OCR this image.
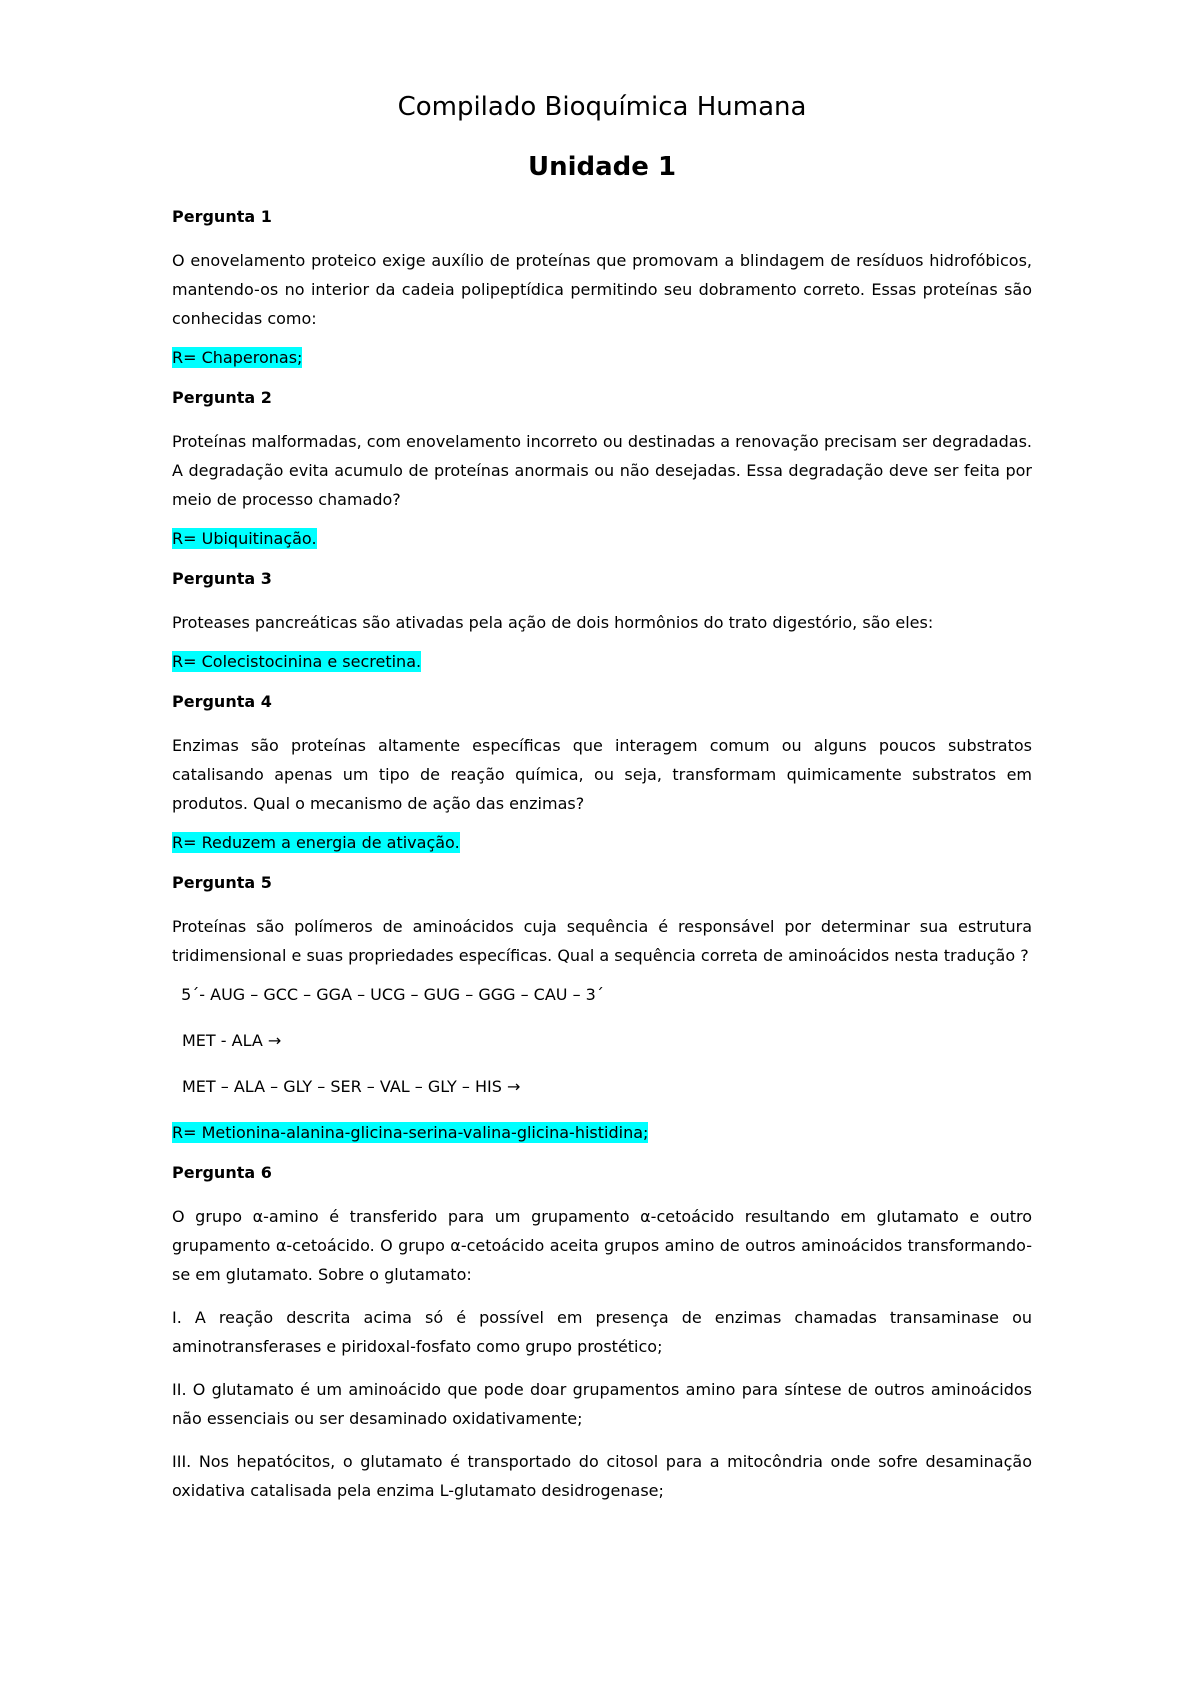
Compilado Bioquímica Humana
Unidade 1

Pergunta 1

O enovelamento proteico exige auxílio de proteínas que promovam a blindagem de resíduos hidrofóbicos, mantendo-os no interior da cadeia polipeptídica permitindo seu dobramento correto. Essas proteínas são conhecidas como:

R= Chaperonas;

Pergunta 2

Proteínas malformadas, com enovelamento incorreto ou destinadas a renovação precisam ser degradadas. A degradação evita acumulo de proteínas anormais ou não desejadas. Essa degradação deve ser feita por meio de processo chamado?

R= Ubiquitinação.

Pergunta 3

Proteases pancreáticas são ativadas pela ação de dois hormônios do trato digestório, são eles:

R= Colecistocinina e secretina.

Pergunta 4

Enzimas são proteínas altamente específicas que interagem comum ou alguns poucos substratos catalisando apenas um tipo de reação química, ou seja, transformam quimicamente substratos em produtos. Qual o mecanismo de ação das enzimas?

R= Reduzem a energia de ativação.

Pergunta 5

Proteínas são polímeros de aminoácidos cuja sequência é responsável por determinar sua estrutura tridimensional e suas propriedades específicas. Qual a sequência correta de aminoácidos nesta tradução ?

5´- AUG – GCC – GGA – UCG – GUG – GGG – CAU – 3´

MET - ALA →

MET – ALA – GLY – SER – VAL – GLY – HIS →

R= Metionina-alanina-glicina-serina-valina-glicina-histidina;

Pergunta 6

O grupo α-amino é transferido para um grupamento α-cetoácido resultando em glutamato e outro grupamento α-cetoácido. O grupo α-cetoácido aceita grupos amino de outros aminoácidos transformando-se em glutamato. Sobre o glutamato:

I. A reação descrita acima só é possível em presença de enzimas chamadas transaminase ou aminotransferases e piridoxal-fosfato como grupo prostético;

II. O glutamato é um aminoácido que pode doar grupamentos amino para síntese de outros aminoácidos não essenciais ou ser desaminado oxidativamente;

III. Nos hepatócitos, o glutamato é transportado do citosol para a mitocôndria onde sofre desaminação oxidativa catalisada pela enzima L-glutamato desidrogenase;
